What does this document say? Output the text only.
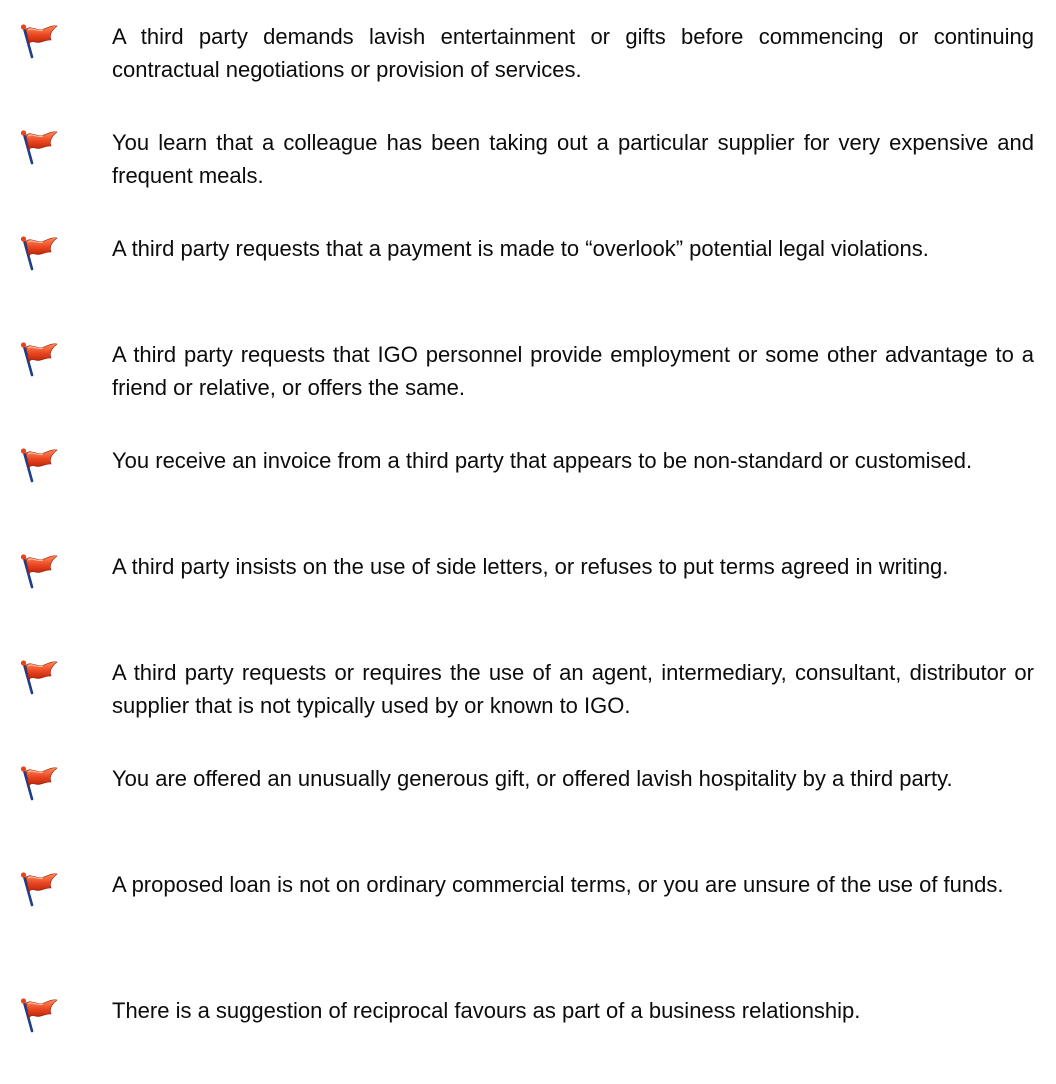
A third party demands lavish entertainment or gifts before commencing or continuing contractual negotiations or provision of services.

You learn that a colleague has been taking out a particular supplier for very expensive and frequent meals.

A third party requests that a payment is made to “overlook” potential legal violations.

A third party requests that IGO personnel provide employment or some other advantage to a friend or relative, or offers the same.

You receive an invoice from a third party that appears to be non-standard or customised.

A third party insists on the use of side letters, or refuses to put terms agreed in writing.

A third party requests or requires the use of an agent, intermediary, consultant, distributor or supplier that is not typically used by or known to IGO.

You are offered an unusually generous gift, or offered lavish hospitality by a third party.

A proposed loan is not on ordinary commercial terms, or you are unsure of the use of funds.

There is a suggestion of reciprocal favours as part of a business relationship.
